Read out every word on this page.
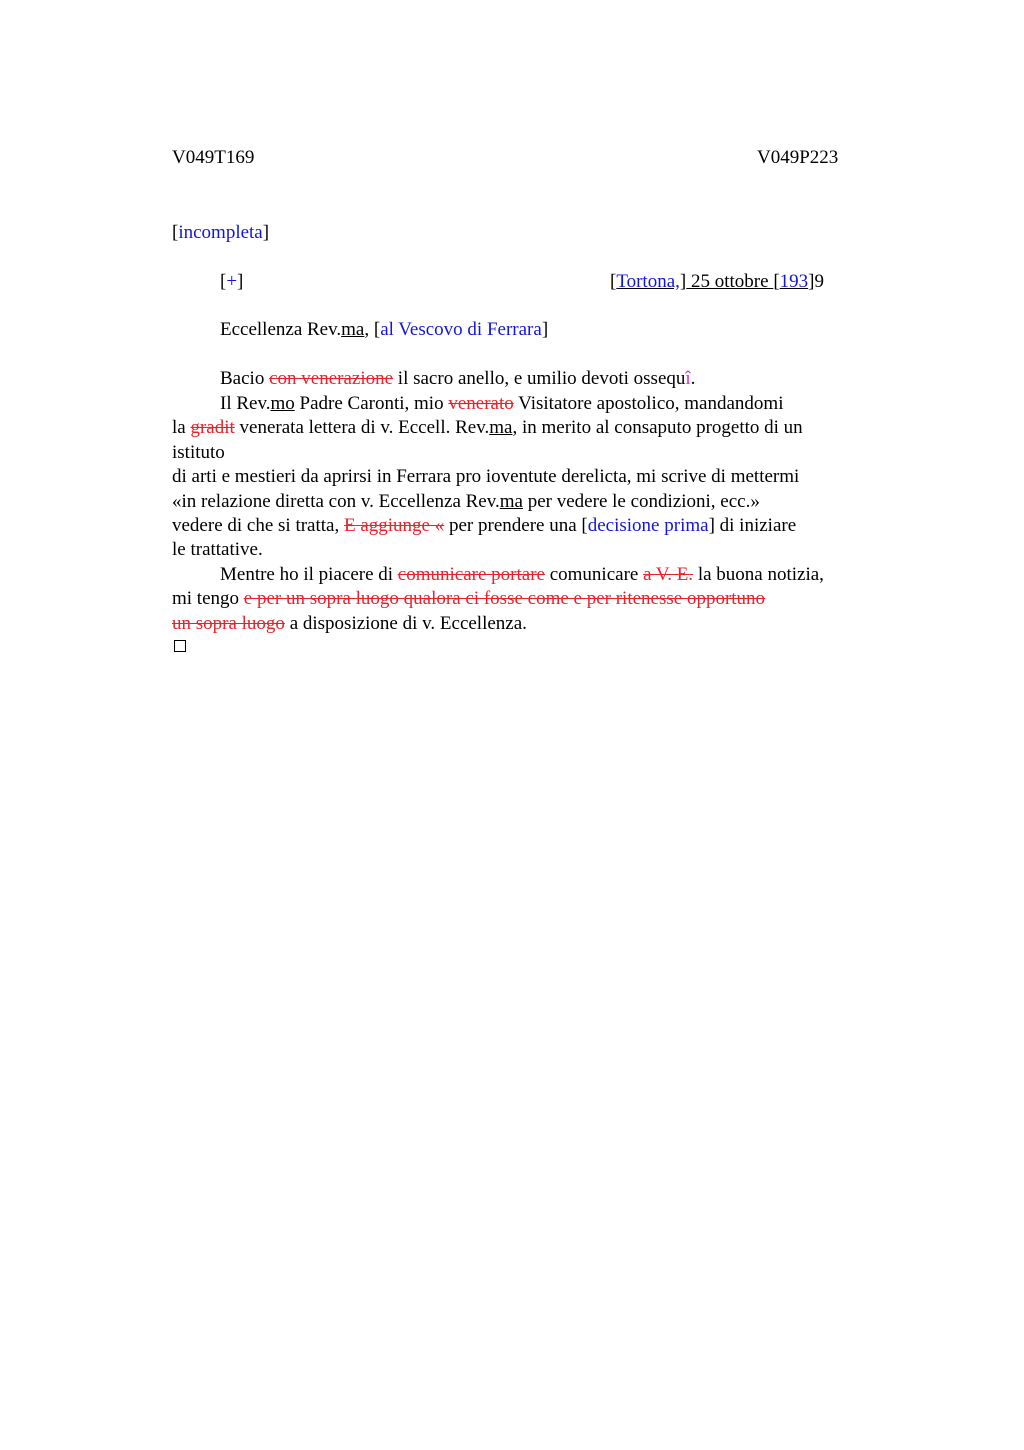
V049T169	V049P223
[incompleta]
[+]	[Tortona,] 25 ottobre [193]9
Eccellenza Rev.ma, [al Vescovo di Ferrara]
Bacio con venerazione il sacro anello, e umilio devoti ossequî.
Il Rev.mo Padre Caronti, mio venerato Visitatore apostolico, mandandomi
la gradit venerata lettera di v. Eccell. Rev.ma, in merito al consaputo progetto di un
istituto
di arti e mestieri da aprirsi in Ferrara pro ioventute derelicta, mi scrive di mettermi
«in relazione diretta con v. Eccellenza Rev.ma per vedere le condizioni, ecc.»
vedere di che si tratta, E aggiunge « per prendere una [decisione prima] di iniziare
le trattative.
Mentre ho il piacere di comunicare portare comunicare a V. E. la buona notizia,
mi tengo e per un sopra luogo qualora ci fosse come e per ritenesse opportuno
un sopra luogo a disposizione di v. Eccellenza.
